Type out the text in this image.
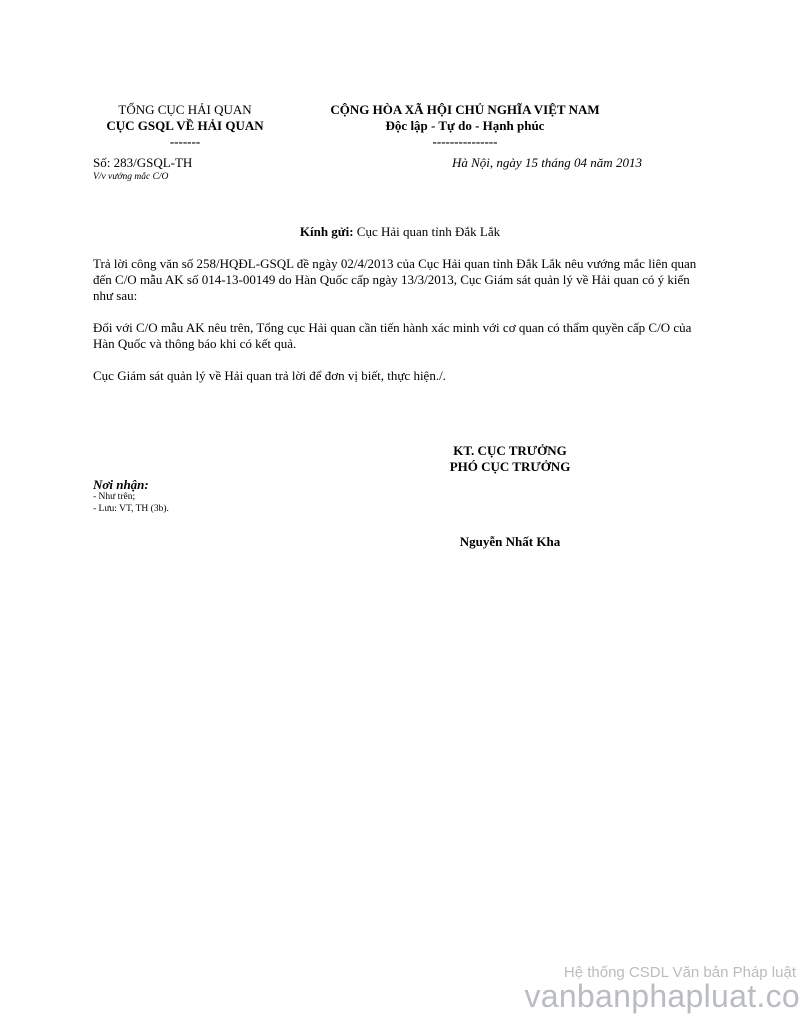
TỔNG CỤC HẢI QUAN
CỤC GSQL VỀ HẢI QUAN
-------
CỘNG HÒA XÃ HỘI CHỦ NGHĨA VIỆT NAM
Độc lập - Tự do - Hạnh phúc
---------------
Số: 283/GSQL-TH
V/v vướng mắc C/O
Hà Nội, ngày 15 tháng 04 năm 2013
Kính gửi: Cục Hải quan tỉnh Đắk Lắk

Trả lời công văn số 258/HQĐL-GSQL đề ngày 02/4/2013 của Cục Hải quan tỉnh Đắk Lắk nêu vướng mắc liên quan đến C/O mẫu AK số 014-13-00149 do Hàn Quốc cấp ngày 13/3/2013, Cục Giám sát quản lý về Hải quan có ý kiến như sau:

Đối với C/O mẫu AK nêu trên, Tổng cục Hải quan cần tiến hành xác minh với cơ quan có thẩm quyền cấp C/O của Hàn Quốc và thông báo khi có kết quả.

Cục Giám sát quản lý về Hải quan trả lời để đơn vị biết, thực hiện./.

KT. CỤC TRƯỞNG
PHÓ CỤC TRƯỞNG
Nguyễn Nhất Kha
Nơi nhận:
- Như trên;
- Lưu: VT, TH (3b).
Hệ thống CSDL Văn bản Pháp luật
vanbanphapluat.co
